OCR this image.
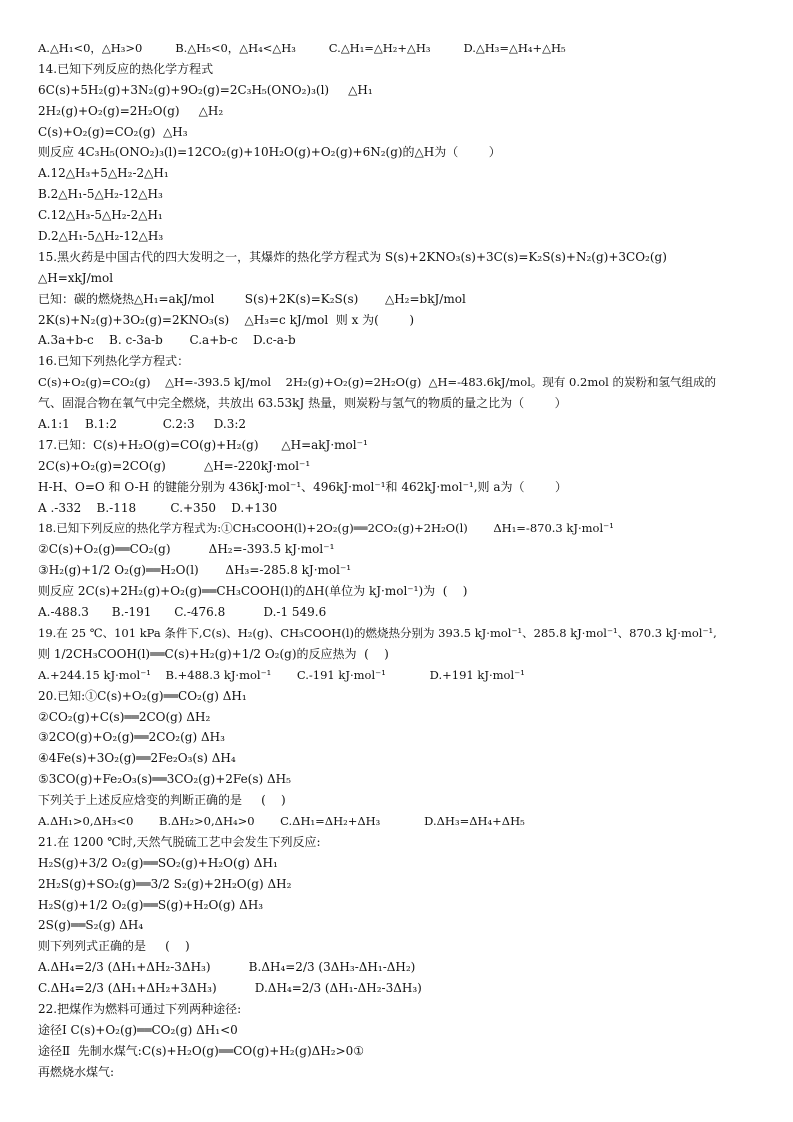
A.△H₁<0，△H₃>0         B.△H₅<0，△H₄<△H₃         C.△H₁=△H₂+△H₃         D.△H₃=△H₄+△H₅
14.已知下列反应的热化学方程式
6C(s)+5H₂(g)+3N₂(g)+9O₂(g)=2C₃H₅(ONO₂)₃(l)     △H₁
2H₂(g)+O₂(g)=2H₂O(g)     △H₂
C(s)+O₂(g)=CO₂(g)  △H₃
则反应 4C₃H₅(ONO₂)₃(l)=12CO₂(g)+10H₂O(g)+O₂(g)+6N₂(g)的△H为（        ）
A.12△H₃+5△H₂-2△H₁
B.2△H₁-5△H₂-12△H₃
C.12△H₃-5△H₂-2△H₁
D.2△H₁-5△H₂-12△H₃
15.黑火药是中国古代的四大发明之一，其爆炸的热化学方程式为 S(s)+2KNO₃(s)+3C(s)=K₂S(s)+N₂(g)+3CO₂(g)
△H=xkJ/mol
已知：碳的燃烧热△H₁=akJ/mol        S(s)+2K(s)=K₂S(s)       △H₂=bkJ/mol
2K(s)+N₂(g)+3O₂(g)=2KNO₃(s)    △H₃=c kJ/mol  则 x 为(        )
A.3a+b-c    B. c-3a-b       C.a+b-c    D.c-a-b
16.已知下列热化学方程式：
C(s)+O₂(g)=CO₂(g)    △H=-393.5 kJ/mol    2H₂(g)+O₂(g)=2H₂O(g)  △H=-483.6kJ/mol。现有 0.2mol 的炭粉和氢气组成的
气、固混合物在氧气中完全燃烧，共放出 63.53kJ 热量，则炭粉与氢气的物质的量之比为（        ）
A.1:1    B.1:2            C.2:3     D.3:2
17.已知：C(s)+H₂O(g)=CO(g)+H₂(g)      △H=akJ·mol⁻¹
2C(s)+O₂(g)=2CO(g)          △H=-220kJ·mol⁻¹
H-H、O=O 和 O-H 的键能分别为 436kJ·mol⁻¹、496kJ·mol⁻¹和 462kJ·mol⁻¹,则 a为（        ）
A .-332    B.-118         C.+350    D.+130
18.已知下列反应的热化学方程式为:①CH₃COOH(l)+2O₂(g)══2CO₂(g)+2H₂O(l)       ΔH₁=-870.3 kJ·mol⁻¹
②C(s)+O₂(g)══CO₂(g)          ΔH₂=-393.5 kJ·mol⁻¹
③H₂(g)+1/2 O₂(g)══H₂O(l)       ΔH₃=-285.8 kJ·mol⁻¹
则反应 2C(s)+2H₂(g)+O₂(g)══CH₃COOH(l)的ΔH(单位为 kJ·mol⁻¹)为  (    )
A.-488.3      B.-191      C.-476.8          D.-1 549.6
19.在 25 ℃、101 kPa 条件下,C(s)、H₂(g)、CH₃COOH(l)的燃烧热分别为 393.5 kJ·mol⁻¹、285.8 kJ·mol⁻¹、870.3 kJ·mol⁻¹,
则 1/2CH₃COOH(l)══C(s)+H₂(g)+1/2 O₂(g)的反应热为  (    )
A.+244.15 kJ·mol⁻¹    B.+488.3 kJ·mol⁻¹       C.-191 kJ·mol⁻¹            D.+191 kJ·mol⁻¹
20.已知:①C(s)+O₂(g)══CO₂(g) ΔH₁
②CO₂(g)+C(s)══2CO(g) ΔH₂
③2CO(g)+O₂(g)══2CO₂(g) ΔH₃
④4Fe(s)+3O₂(g)══2Fe₂O₃(s) ΔH₄
⑤3CO(g)+Fe₂O₃(s)══3CO₂(g)+2Fe(s) ΔH₅
下列关于上述反应焓变的判断正确的是     (    )
A.ΔH₁>0,ΔH₃<0       B.ΔH₂>0,ΔH₄>0       C.ΔH₁=ΔH₂+ΔH₃            D.ΔH₃=ΔH₄+ΔH₅
21.在 1200 ℃时,天然气脱硫工艺中会发生下列反应:
H₂S(g)+3/2 O₂(g)══SO₂(g)+H₂O(g) ΔH₁
2H₂S(g)+SO₂(g)══3/2 S₂(g)+2H₂O(g) ΔH₂
H₂S(g)+1/2 O₂(g)══S(g)+H₂O(g) ΔH₃
2S(g)══S₂(g) ΔH₄
则下列列式正确的是     (    )
A.ΔH₄=2/3 (ΔH₁+ΔH₂-3ΔH₃)          B.ΔH₄=2/3 (3ΔH₃-ΔH₁-ΔH₂)
C.ΔH₄=2/3 (ΔH₁+ΔH₂+3ΔH₃)          D.ΔH₄=2/3 (ΔH₁-ΔH₂-3ΔH₃)
22.把煤作为燃料可通过下列两种途径:
途径Ⅰ C(s)+O₂(g)══CO₂(g) ΔH₁<0
途径Ⅱ  先制水煤气:C(s)+H₂O(g)══CO(g)+H₂(g)ΔH₂>0①
再燃烧水煤气:
